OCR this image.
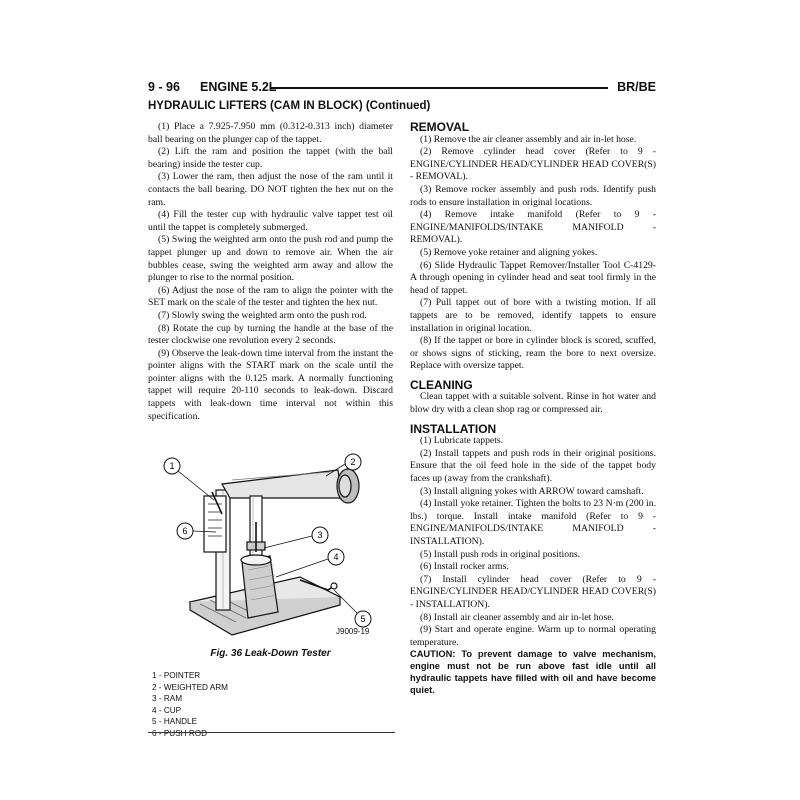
9 - 96 ENGINE 5.2L	BR/BE
HYDRAULIC LIFTERS (CAM IN BLOCK) (Continued)

(1) Place a 7.925-7.950 mm (0.312-0.313 inch) diameter ball bearing on the plunger cap of the tappet.

(2) Lift the ram and position the tappet (with the ball bearing) inside the tester cup.

(3) Lower the ram, then adjust the nose of the ram until it contacts the ball bearing. DO NOT tighten the hex nut on the ram.

(4) Fill the tester cup with hydraulic valve tappet test oil until the tappet is completely submerged.

(5) Swing the weighted arm onto the push rod and pump the tappet plunger up and down to remove air. When the air bubbles cease, swing the weighted arm away and allow the plunger to rise to the normal position.

(6) Adjust the nose of the ram to align the pointer with the SET mark on the scale of the tester and tighten the hex nut.

(7) Slowly swing the weighted arm onto the push rod.

(8) Rotate the cup by turning the handle at the base of the tester clockwise one revolution every 2 seconds.

(9) Observe the leak-down time interval from the instant the pointer aligns with the START mark on the scale until the pointer aligns with the 0.125 mark. A normally functioning tappet will require 20-110 seconds to leak-down. Discard tappets with leak-down time interval not within this specification.

1	2
3
4
5
6
J9009-19
Fig. 36 Leak-Down Tester
1 - POINTER
2 - WEIGHTED ARM
3 - RAM
4 - CUP
5 - HANDLE
6 - PUSH ROD

REMOVAL

(1) Remove the air cleaner assembly and air in-let hose.

(2) Remove cylinder head cover (Refer to 9 - ENGINE/CYLINDER HEAD/CYLINDER HEAD COVER(S) - REMOVAL).

(3) Remove rocker assembly and push rods. Identify push rods to ensure installation in original locations.

(4) Remove intake manifold (Refer to 9 - ENGINE/MANIFOLDS/INTAKE MANIFOLD - REMOVAL).

(5) Remove yoke retainer and aligning yokes.

(6) Slide Hydraulic Tappet Remover/Installer Tool C-4129-A through opening in cylinder head and seat tool firmly in the head of tappet.

(7) Pull tappet out of bore with a twisting motion. If all tappets are to be removed, identify tappets to ensure installation in original location.

(8) If the tappet or bore in cylinder block is scored, scuffed, or shows signs of sticking, ream the bore to next oversize. Replace with oversize tappet.

CLEANING

Clean tappet with a suitable solvent. Rinse in hot water and blow dry with a clean shop rag or compressed air.

INSTALLATION

(1) Lubricate tappets.

(2) Install tappets and push rods in their original positions. Ensure that the oil feed hole in the side of the tappet body faces up (away from the crankshaft).

(3) Install aligning yokes with ARROW toward camshaft.

(4) Install yoke retainer. Tighten the bolts to 23 N·m (200 in. lbs.) torque. Install intake manifold (Refer to 9 - ENGINE/MANIFOLDS/INTAKE MANIFOLD - INSTALLATION).

(5) Install push rods in original positions.

(6) Install rocker arms.

(7) Install cylinder head cover (Refer to 9 - ENGINE/CYLINDER HEAD/CYLINDER HEAD COVER(S) - INSTALLATION).

(8) Install air cleaner assembly and air in-let hose.

(9) Start and operate engine. Warm up to normal operating temperature.

CAUTION: To prevent damage to valve mechanism, engine must not be run above fast idle until all hydraulic tappets have filled with oil and have become quiet.
